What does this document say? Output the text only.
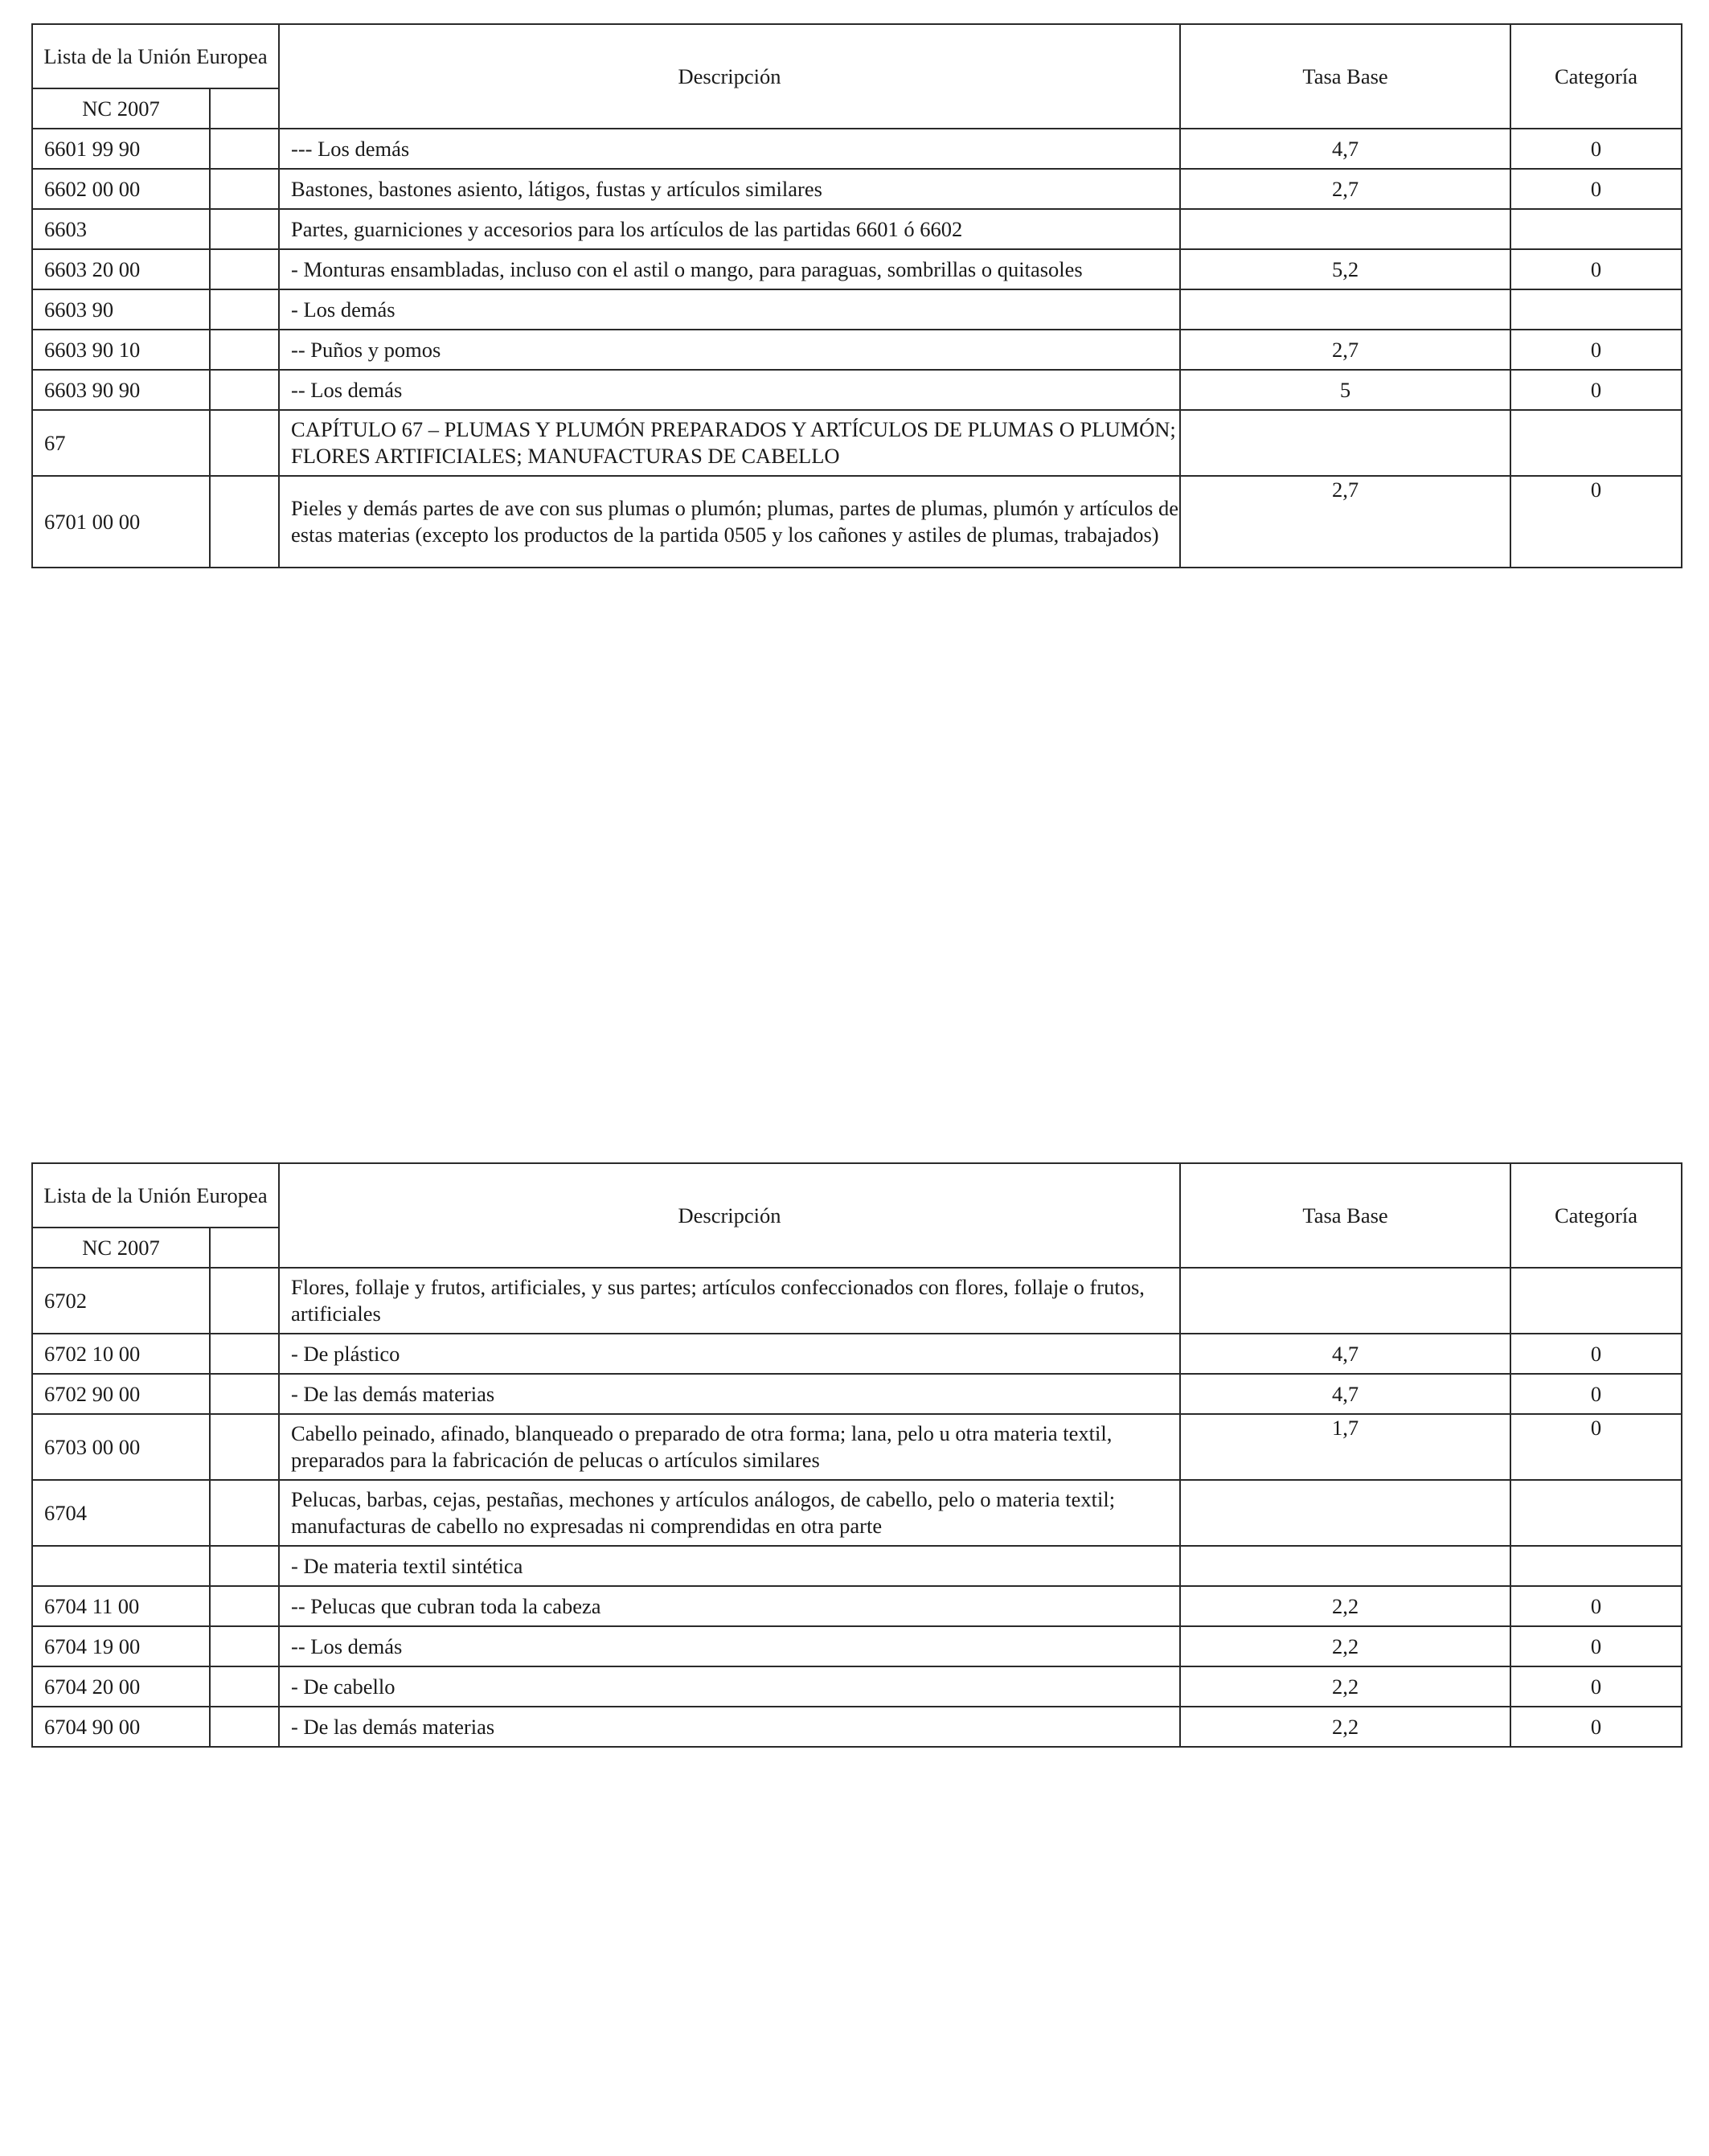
Lista de la Unión Europea		Descripción	Tasa Base	Categoría
NC 2007				
6601 99 90		--- Los demás	4,7	0
6602 00 00		Bastones, bastones asiento, látigos, fustas y artículos similares	2,7	0
6603		Partes, guarniciones y accesorios para los artículos de las partidas 6601 ó 6602		
6603 20 00		- Monturas ensambladas, incluso con el astil o mango, para paraguas, sombrillas o quitasoles	5,2	0
6603 90		- Los demás		
6603 90 10		-- Puños y pomos	2,7	0
6603 90 90		-- Los demás	5	0
67		CAPÍTULO 67 – PLUMAS Y PLUMÓN PREPARADOS Y ARTÍCULOS DE PLUMAS O PLUMÓN; FLORES ARTIFICIALES; MANUFACTURAS DE CABELLO		
6701 00 00		Pieles y demás partes de ave con sus plumas o plumón; plumas, partes de plumas, plumón y artículos de estas materias (excepto los productos de la partida 0505 y los cañones y astiles de plumas, trabajados)	2,7	0
Lista de la Unión Europea		Descripción	Tasa Base	Categoría
NC 2007				
6702		Flores, follaje y frutos, artificiales, y sus partes; artículos confeccionados con flores, follaje o frutos, artificiales		
6702 10 00		- De plástico	4,7	0
6702 90 00		- De las demás materias	4,7	0
6703 00 00		Cabello peinado, afinado, blanqueado o preparado de otra forma; lana, pelo u otra materia textil, preparados para la fabricación de pelucas o artículos similares	1,7	0
6704		Pelucas, barbas, cejas, pestañas, mechones y artículos análogos, de cabello, pelo o materia textil; manufacturas de cabello no expresadas ni comprendidas en otra parte		
		- De materia textil sintética		
6704 11 00		-- Pelucas que cubran toda la cabeza	2,2	0
6704 19 00		-- Los demás	2,2	0
6704 20 00		- De cabello	2,2	0
6704 90 00		- De las demás materias	2,2	0
